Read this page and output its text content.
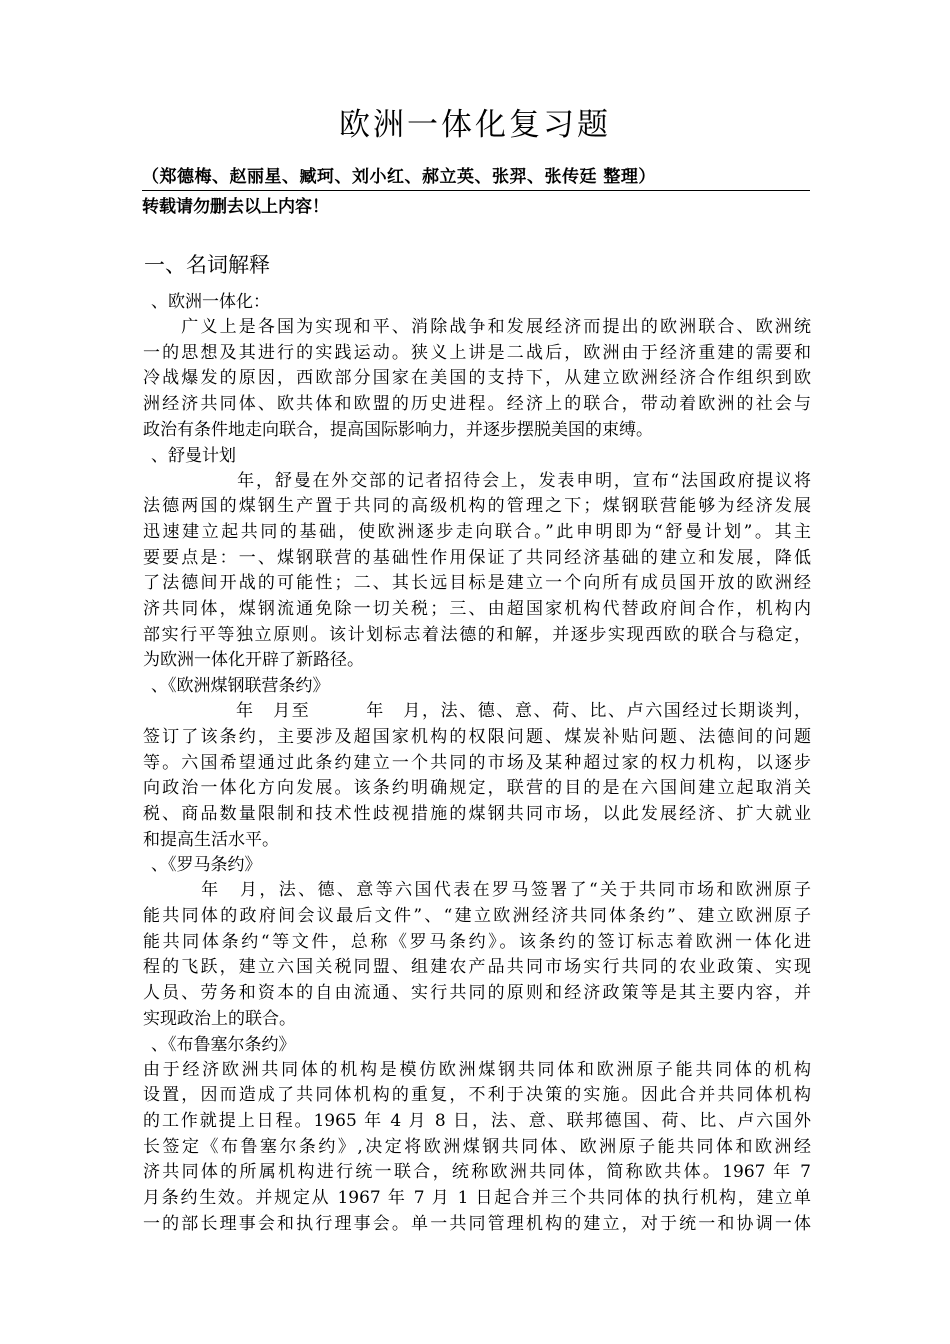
欧洲一体化复习题
（郑德梅、赵丽星、臧珂、刘小红、郝立英、张羿、张传廷 整理）
转载请勿删去以上内容！
一、名词解释
、欧洲一体化：
　　广义上是各国为实现和平、消除战争和发展经济而提出的欧洲联合、欧洲统
一的思想及其进行的实践运动。狭义上讲是二战后，欧洲由于经济重建的需要和
冷战爆发的原因，西欧部分国家在美国的支持下，从建立欧洲经济合作组织到欧
洲经济共同体、欧共体和欧盟的历史进程。经济上的联合，带动着欧洲的社会与
政治有条件地走向联合，提高国际影响力，并逐步摆脱美国的束缚。
、舒曼计划
　　　　　年，舒曼在外交部的记者招待会上，发表申明，宣布“法国政府提议将
法德两国的煤钢生产置于共同的高级机构的管理之下；煤钢联营能够为经济发展
迅速建立起共同的基础，使欧洲逐步走向联合。”此申明即为“舒曼计划”。其主
要要点是：一、煤钢联营的基础性作用保证了共同经济基础的建立和发展，降低
了法德间开战的可能性；二、其长远目标是建立一个向所有成员国开放的欧洲经
济共同体，煤钢流通免除一切关税；三、由超国家机构代替政府间合作，机构内
部实行平等独立原则。该计划标志着法德的和解，并逐步实现西欧的联合与稳定，
为欧洲一体化开辟了新路径。
、《欧洲煤钢联营条约》
　　　　　年　月至　　　年　月，法、德、意、荷、比、卢六国经过长期谈判，
签订了该条约，主要涉及超国家机构的权限问题、煤炭补贴问题、法德间的问题
等。六国希望通过此条约建立一个共同的市场及某种超过家的权力机构，以逐步
向政治一体化方向发展。该条约明确规定，联营的目的是在六国间建立起取消关
税、商品数量限制和技术性歧视措施的煤钢共同市场，以此发展经济、扩大就业
和提高生活水平。
、《罗马条约》
　　　年　月，法、德、意等六国代表在罗马签署了“关于共同市场和欧洲原子
能共同体的政府间会议最后文件”、“建立欧洲经济共同体条约”、建立欧洲原子
能共同体条约“等文件，总称《罗马条约》。该条约的签订标志着欧洲一体化进
程的飞跃，建立六国关税同盟、组建农产品共同市场实行共同的农业政策、实现
人员、劳务和资本的自由流通、实行共同的原则和经济政策等是其主要内容，并
实现政治上的联合。
、《布鲁塞尔条约》
由于经济欧洲共同体的机构是模仿欧洲煤钢共同体和欧洲原子能共同体的机构
设置，因而造成了共同体机构的重复，不利于决策的实施。因此合并共同体机构
的工作就提上日程。1965 年 4 月 8 日，法、意、联邦德国、荷、比、卢六国外
长签定《布鲁塞尔条约》,决定将欧洲煤钢共同体、欧洲原子能共同体和欧洲经
济共同体的所属机构进行统一联合，统称欧洲共同体，简称欧共体。1967 年 7
月条约生效。并规定从 1967 年 7 月 1 日起合并三个共同体的执行机构，建立单
一的部长理事会和执行理事会。单一共同管理机构的建立，对于统一和协调一体
